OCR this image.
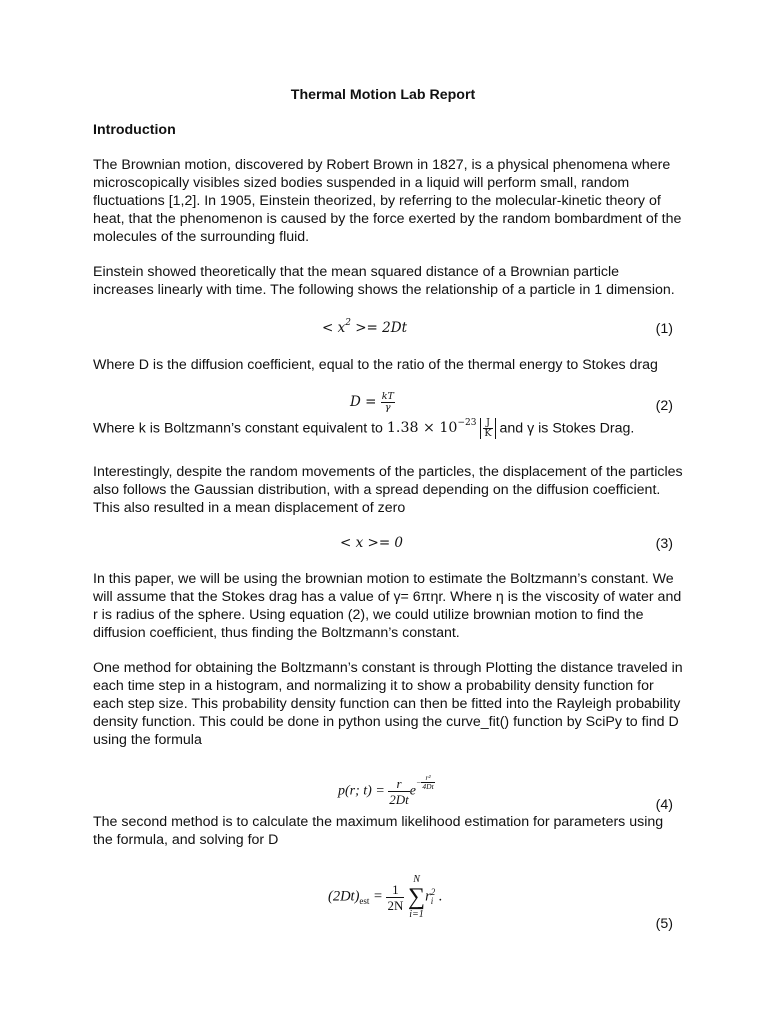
Thermal Motion Lab Report
Introduction
The Brownian motion, discovered by Robert Brown in 1827, is a physical phenomena where microscopically visibles sized bodies suspended in a liquid will perform small, random fluctuations [1,2]. In 1905, Einstein theorized, by referring to the molecular-kinetic theory of heat, that the phenomenon is caused by the force exerted by the random bombardment of the molecules of the surrounding fluid.
Einstein showed theoretically that the mean squared distance of a Brownian particle increases linearly with time. The following shows the relationship of a particle in 1 dimension.
< $x^2 >= 2Dt$	(1)
Where D is the diffusion coefficient, equal to the ratio of the thermal energy to Stokes drag
$D = \frac{kT}{\gamma}$	(2)
Where k is Boltzmann’s constant equivalent to $1.38 \times 10^{-23} \frac{J}{K}$ and γ is Stokes Drag.
Interestingly, despite the random movements of the particles, the displacement of the particles also follows the Gaussian distribution, with a spread depending on the diffusion coefficient. This also resulted in a mean displacement of zero
< x >= 0	(3)
In this paper, we will be using the brownian motion to estimate the Boltzmann’s constant. We will assume that the Stokes drag has a value of γ= 6πηr. Where η is the viscosity of water and r is radius of the sphere. Using equation (2), we could utilize brownian motion to find the diffusion coefficient, thus finding the Boltzmann’s constant.
One method for obtaining the Boltzmann’s constant is through Plotting the distance traveled in each time step in a histogram, and normalizing it to show a probability density function for each step size. This probability density function can then be fitted into the Rayleigh probability density function. This could be done in python using the curve_fit() function by SciPy to find D using the formula
p(r; $t) = \frac{r}{2Dt} e^{- \frac{\text{r²}}{4Dt}}$
(4)
The second method is to calculate the maximum likelihood estimation for parameters using the formula, and solving for D
$(2Dt)_{est} = \frac{1}{2N}$

N
∑
i=1
r 2
i .
(5)
